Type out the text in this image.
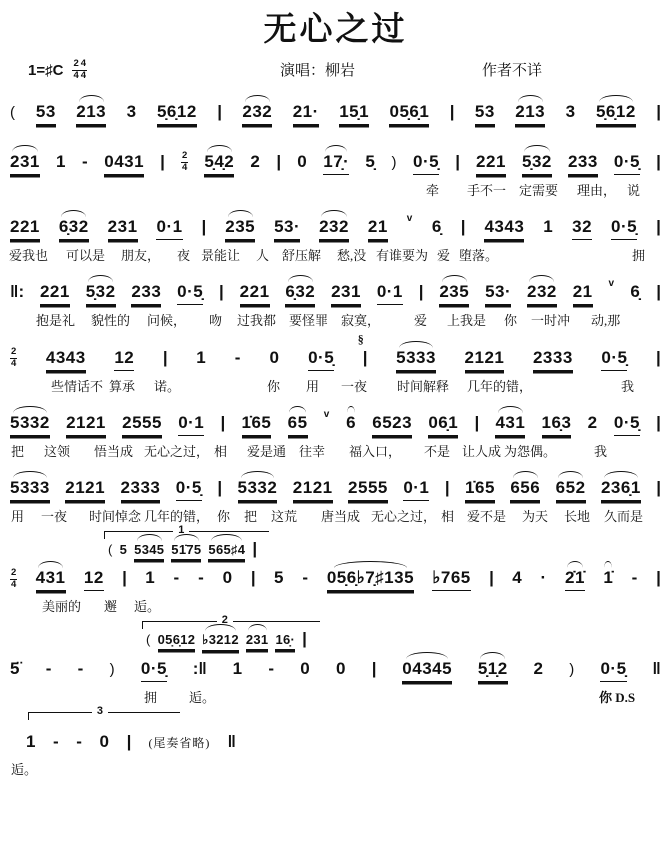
无心之过
1=♯C $\frac{2}{4} \frac{4}{4}$	演唱：柳岩	作者不详
( 53 213 3 5̣6̣12 | 232 21· 15̣1 05̣6̣1 | 53 213 3 5̣6̣12 |
231 1 - 0431 | $\frac{2}{4}$ 5̣4̣2 2 | 0 17̣· 5̣ ) 0·5̣ | 221 5̣32 233 0·5̣ |
牵 手不一 定需要 理由， 说
221 6̣32 231 0·1 | 235 53· 232 21 v 6̣ | 4343 1 32 0·5̣ |
爱我也 可以是 朋友， 夜 景能让 人 舒压解 愁,没 有谁要为 爱 堕落。	拥
‖: 221 5̣32 233 0·5̣ | 221 6̣32 231 0·1 | 235 53· 232 21 v 6̣ |
抱是礼 貌性的 问候， 吻 过我都 要怪罪 寂寞，	爱 上我是 你 一时冲 动,那
$\frac{2}{4} 4343$ 12 | 1 - 0 0·5̣ |
§
5333 2121 2333 0·5̣ |
些情话不 算承 诺。	你 用 一夜 时间解释 几年的错，	我
5332 2121 2555 0·1 | 1̇65 65 v 6 6523 06̣1 | 431 16̣3 2 0·5̣ |
把 这领 悟当成 无心之过， 相 爱是通 往幸 福入口， 不是 让人成 为怨偶。	我
5333 2121 2333 0·5̣ | 5332 2121 2555 0·1 | 1̇65 656 652 236̣1 |
用 一夜 时间悼念 几年的错， 你 把 这荒 唐当成 无心之过， 相 爱不是 为天 长地 久而是
1
( 5 5345 51̇75 565♯4 |
$\frac{2}{4} 431$ 12 | 1 - - 0 | 5 - 05̣6̣♭7̣♯135 ♭765 | 4 · 2̇1̇ 1̇ - |
美丽的 邂 逅。
2
( 05̣6̣12 ♭3212 231 16̣· |
5̈ - - ) 0·5̣ :‖ 1 - 0 0 | 04345 5̣1̣2 2 ) 0·5̣ ‖
拥 逅。	你 D.S
3
1 - - 0 | (尾奏省略) ‖
逅。
